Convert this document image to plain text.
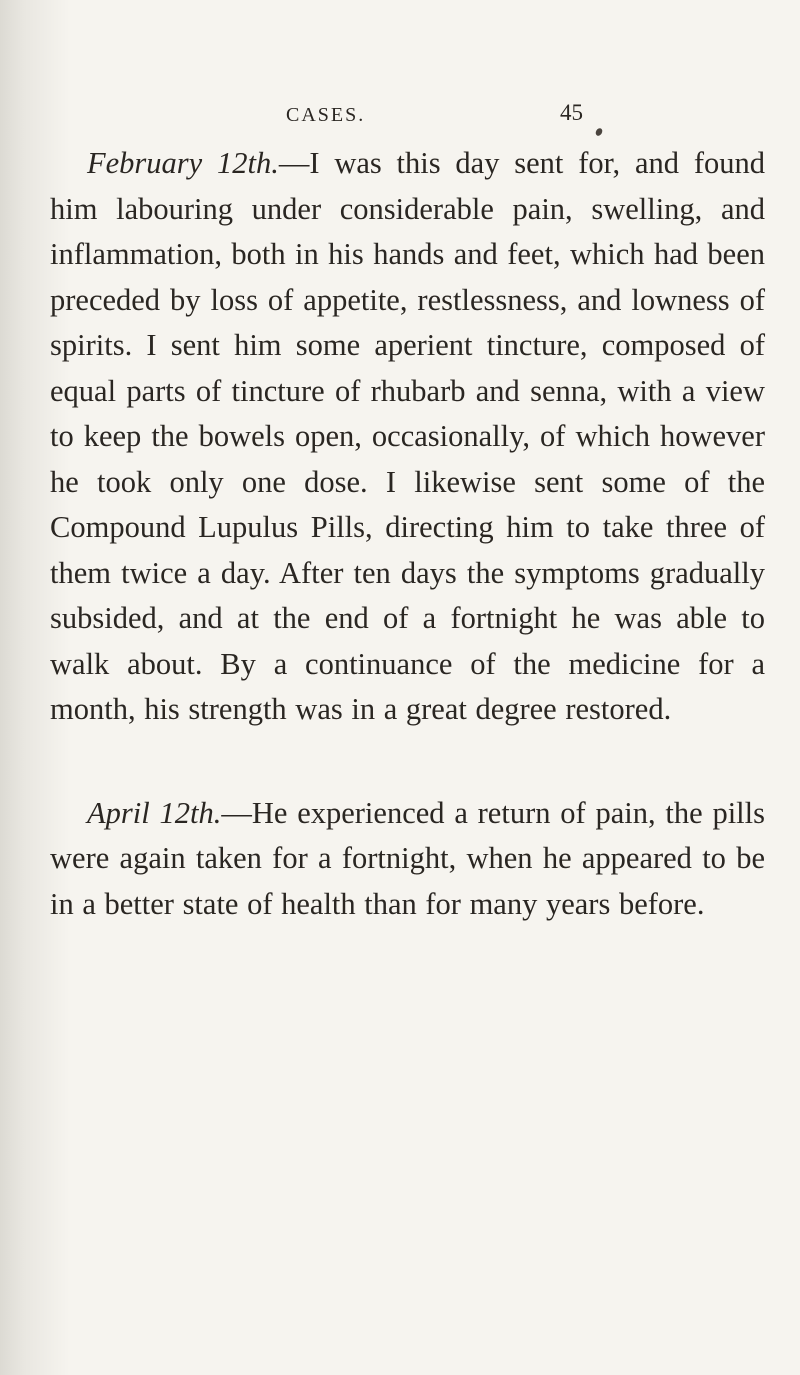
CASES.	45

February 12th.—I was this day sent for, and found him labouring under considerable pain, swelling, and inflammation, both in his hands and feet, which had been preceded by loss of appetite, restlessness, and lowness of spirits. I sent him some aperient tincture, composed of equal parts of tincture of rhubarb and senna, with a view to keep the bowels open, occasionally, of which however he took only one dose. I likewise sent some of the Compound Lupulus Pills, directing him to take three of them twice a day. After ten days the symptoms gradually subsided, and at the end of a fortnight he was able to walk about. By a continuance of the medicine for a month, his strength was in a great degree restored.

April 12th.—He experienced a return of pain, the pills were again taken for a fortnight, when he appeared to be in a better state of health than for many years before.
